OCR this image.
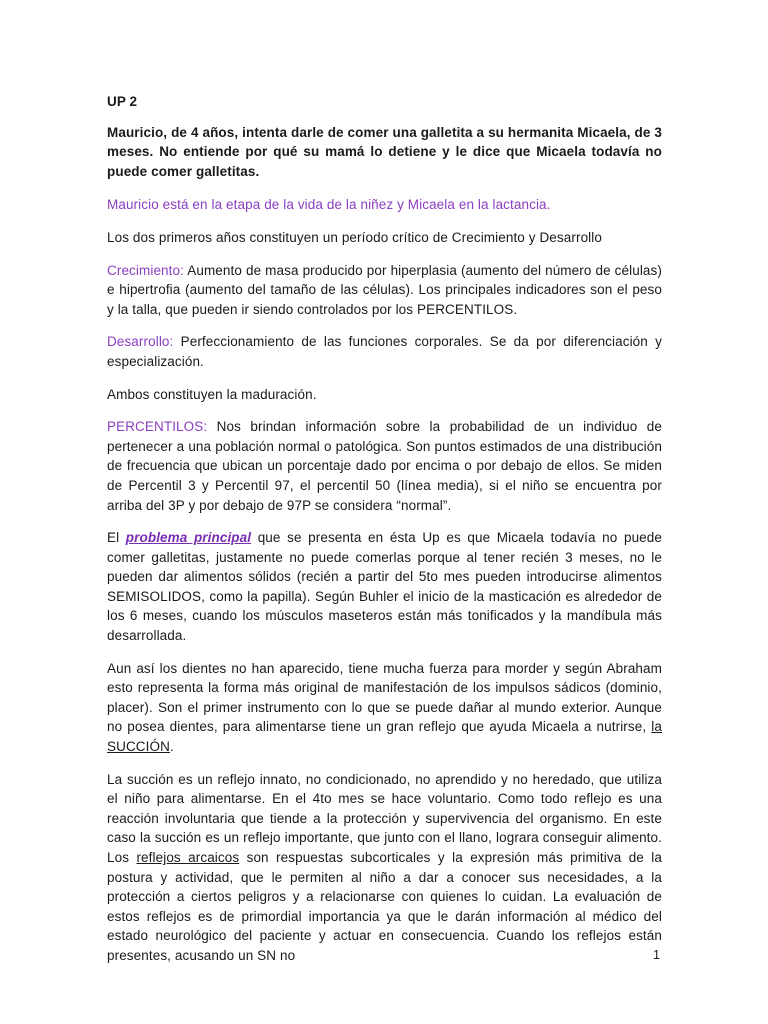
UP 2

Mauricio, de 4 años, intenta darle de comer una galletita a su hermanita Micaela, de 3 meses. No entiende por qué su mamá lo detiene y le dice que Micaela todavía no puede comer galletitas.

Mauricio está en la etapa de la vida de la niñez y Micaela en la lactancia.

Los dos primeros años constituyen un período crítico de Crecimiento y Desarrollo

Crecimiento: Aumento de masa producido por hiperplasia (aumento del número de células) e hipertrofia (aumento del tamaño de las células). Los principales indicadores son el peso y la talla, que pueden ir siendo controlados por los PERCENTILOS.

Desarrollo: Perfeccionamiento de las funciones corporales. Se da por diferenciación y especialización.

Ambos constituyen la maduración.

PERCENTILOS: Nos brindan información sobre la probabilidad de un individuo de pertenecer a una población normal o patológica. Son puntos estimados de una distribución de frecuencia que ubican un porcentaje dado por encima o por debajo de ellos. Se miden de Percentil 3 y Percentil 97, el percentil 50 (línea media), si el niño se encuentra por arriba del 3P y por debajo de 97P se considera “normal”.

El problema principal que se presenta en ésta Up es que Micaela todavía no puede comer galletitas, justamente no puede comerlas porque al tener recién 3 meses, no le pueden dar alimentos sólidos (recién a partir del 5to mes pueden introducirse alimentos SEMISOLIDOS, como la papilla). Según Buhler el inicio de la masticación es alrededor de los 6 meses, cuando los músculos maseteros están más tonificados y la mandíbula más desarrollada.

Aun así los dientes no han aparecido, tiene mucha fuerza para morder y según Abraham esto representa la forma más original de manifestación de los impulsos sádicos (dominio, placer). Son el primer instrumento con lo que se puede dañar al mundo exterior. Aunque no posea dientes, para alimentarse tiene un gran reflejo que ayuda Micaela a nutrirse, la SUCCIÓN.

La succión es un reflejo innato, no condicionado, no aprendido y no heredado, que utiliza el niño para alimentarse. En el 4to mes se hace voluntario. Como todo reflejo es una reacción involuntaria que tiende a la protección y supervivencia del organismo. En este caso la succión es un reflejo importante, que junto con el llano, lograra conseguir alimento. Los reflejos arcaicos son respuestas subcorticales y la expresión más primitiva de la postura y actividad, que le permiten al niño a dar a conocer sus necesidades, a la protección a ciertos peligros y a relacionarse con quienes lo cuidan. La evaluación de estos reflejos es de primordial importancia ya que le darán información al médico del estado neurológico del paciente y actuar en consecuencia. Cuando los reflejos están presentes, acusando un SN no	1
